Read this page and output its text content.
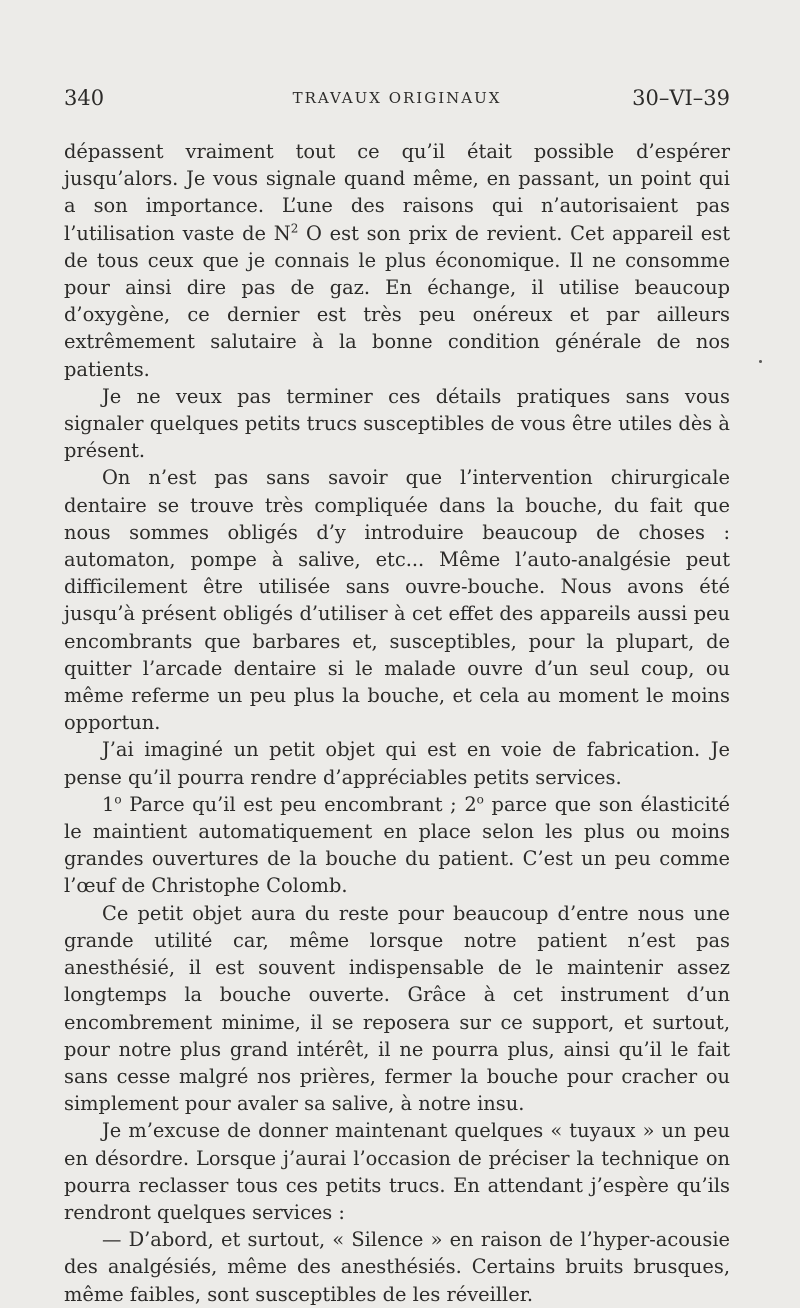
340	TRAVAUX ORIGINAUX	30–VI–39

dépassent vraiment tout ce qu’il était possible d’espérer jusqu’alors. Je vous signale quand même, en passant, un point qui a son importance. L’une des raisons qui n’autorisaient pas l’utilisation vaste de $N^2$ O est son prix de revient. Cet appareil est de tous ceux que je connais le plus économique. Il ne consomme pour ainsi dire pas de gaz. En échange, il utilise beaucoup d’oxygène, ce dernier est très peu onéreux et par ailleurs extrêmement salutaire à la bonne condition générale de nos patients.

Je ne veux pas terminer ces détails pratiques sans vous signaler quelques petits trucs susceptibles de vous être utiles dès à présent.

On n’est pas sans savoir que l’intervention chirurgicale dentaire se trouve très compliquée dans la bouche, du fait que nous sommes obligés d’y introduire beaucoup de choses : automaton, pompe à salive, etc... Même l’auto-analgésie peut difficilement être utilisée sans ouvre-bouche. Nous avons été jusqu’à présent obligés d’utiliser à cet effet des appareils aussi peu encombrants que barbares et, susceptibles, pour la plupart, de quitter l’arcade dentaire si le malade ouvre d’un seul coup, ou même referme un peu plus la bouche, et cela au moment le moins opportun.

J’ai imaginé un petit objet qui est en voie de fabrication. Je pense qu’il pourra rendre d’appréciables petits services.

1$^o$ Parce qu’il est peu encombrant ; 2$^o$ parce que son élasticité le maintient automatiquement en place selon les plus ou moins grandes ouvertures de la bouche du patient. C’est un peu comme l’œuf de Christophe Colomb.

Ce petit objet aura du reste pour beaucoup d’entre nous une grande utilité car, même lorsque notre patient n’est pas anesthésié, il est souvent indispensable de le maintenir assez longtemps la bouche ouverte. Grâce à cet instrument d’un encombrement minime, il se reposera sur ce support, et surtout, pour notre plus grand intérêt, il ne pourra plus, ainsi qu’il le fait sans cesse malgré nos prières, fermer la bouche pour cracher ou simplement pour avaler sa salive, à notre insu.

Je m’excuse de donner maintenant quelques « tuyaux » un peu en désordre. Lorsque j’aurai l’occasion de préciser la technique on pourra reclasser tous ces petits trucs. En attendant j’espère qu’ils rendront quelques services :

— D’abord, et surtout, « Silence » en raison de l’hyper-acousie des analgésiés, même des anesthésiés. Certains bruits brusques, même faibles, sont susceptibles de les réveiller.
